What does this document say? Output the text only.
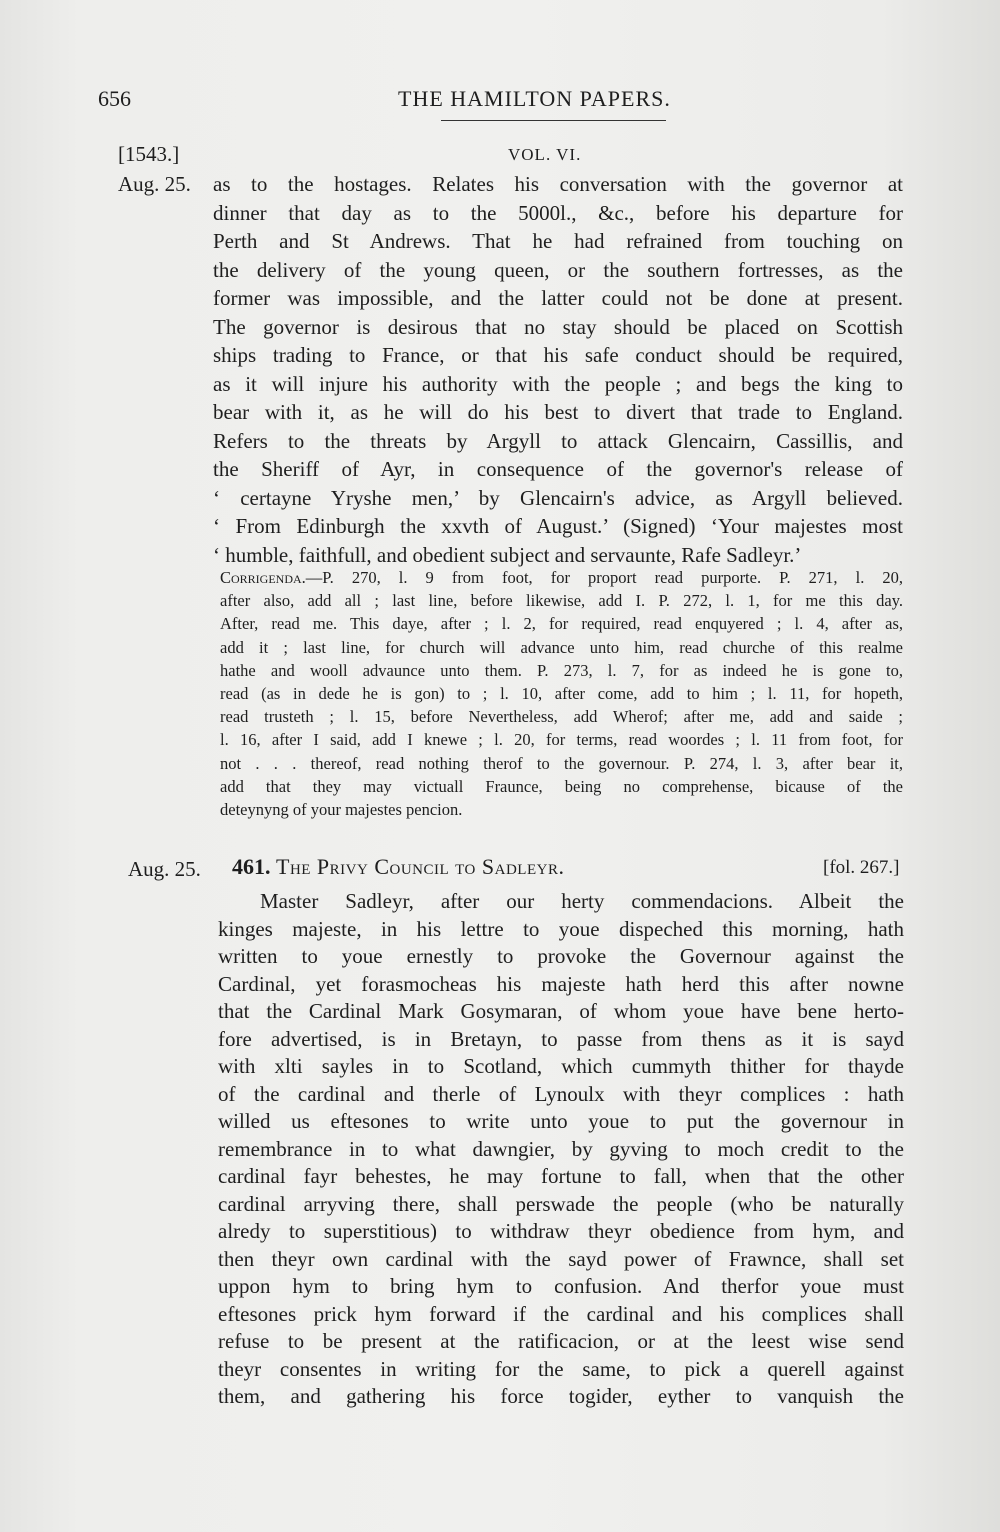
656	THE HAMILTON PAPERS.
[1543.]	VOL. VI.
Aug. 25. as to the hostages. Relates his conversation with the governor at
dinner that day as to the 5000l., &c., before his departure for
Perth and St Andrews. That he had refrained from touching on
the delivery of the young queen, or the southern fortresses, as the
former was impossible, and the latter could not be done at present.
The governor is desirous that no stay should be placed on Scottish
ships trading to France, or that his safe conduct should be required,
as it will injure his authority with the people ; and begs the king to
bear with it, as he will do his best to divert that trade to England.
Refers to the threats by Argyll to attack Glencairn, Cassillis, and
the Sheriff of Ayr, in consequence of the governor's release of
‘ certayne Yryshe men,’ by Glencairn's advice, as Argyll believed.
‘ From Edinburgh the xxvth of August.’ (Signed) ‘Your majestes most
‘ humble, faithfull, and obedient subject and servaunte, Rafe Sadleyr.’
Corrigenda.—P. 270, l. 9 from foot, for proport read purporte. P. 271, l. 20,
after also, add all ; last line, before likewise, add I. P. 272, l. 1, for me this day.
After, read me. This daye, after ; l. 2, for required, read enquyered ; l. 4, after as,
add it ; last line, for church will advance unto him, read churche of this realme
hathe and wooll advaunce unto them. P. 273, l. 7, for as indeed he is gone to,
read (as in dede he is gon) to ; l. 10, after come, add to him ; l. 11, for hopeth,
read trusteth ; l. 15, before Nevertheless, add Wherof; after me, add and saide ;
l. 16, after I said, add I knewe ; l. 20, for terms, read woordes ; l. 11 from foot, for
not . . . thereof, read nothing therof to the governour. P. 274, l. 3, after bear it,
add that they may victuall Fraunce, being no comprehense, bicause of the
deteynyng of your majestes pencion.
Aug. 25. 461. The Privy Council to Sadleyr.	[fol. 267.]
Master Sadleyr, after our herty commendacions. Albeit the
kinges majeste, in his lettre to youe dispeched this morning, hath
written to youe ernestly to provoke the Governour against the
Cardinal, yet forasmocheas his majeste hath herd this after nowne
that the Cardinal Mark Gosymaran, of whom youe have bene herto-
fore advertised, is in Bretayn, to passe from thens as it is sayd
with xlti sayles in to Scotland, which cummyth thither for thayde
of the cardinal and therle of Lynoulx with theyr complices : hath
willed us eftesones to write unto youe to put the governour in
remembrance in to what dawngier, by gyving to moch credit to the
cardinal fayr behestes, he may fortune to fall, when that the other
cardinal arryving there, shall perswade the people (who be naturally
alredy to superstitious) to withdraw theyr obedience from hym, and
then theyr own cardinal with the sayd power of Frawnce, shall set
uppon hym to bring hym to confusion. And therfor youe must
eftesones prick hym forward if the cardinal and his complices shall
refuse to be present at the ratificacion, or at the leest wise send
theyr consentes in writing for the same, to pick a querell against
them, and gathering his force togider, eyther to vanquish the
